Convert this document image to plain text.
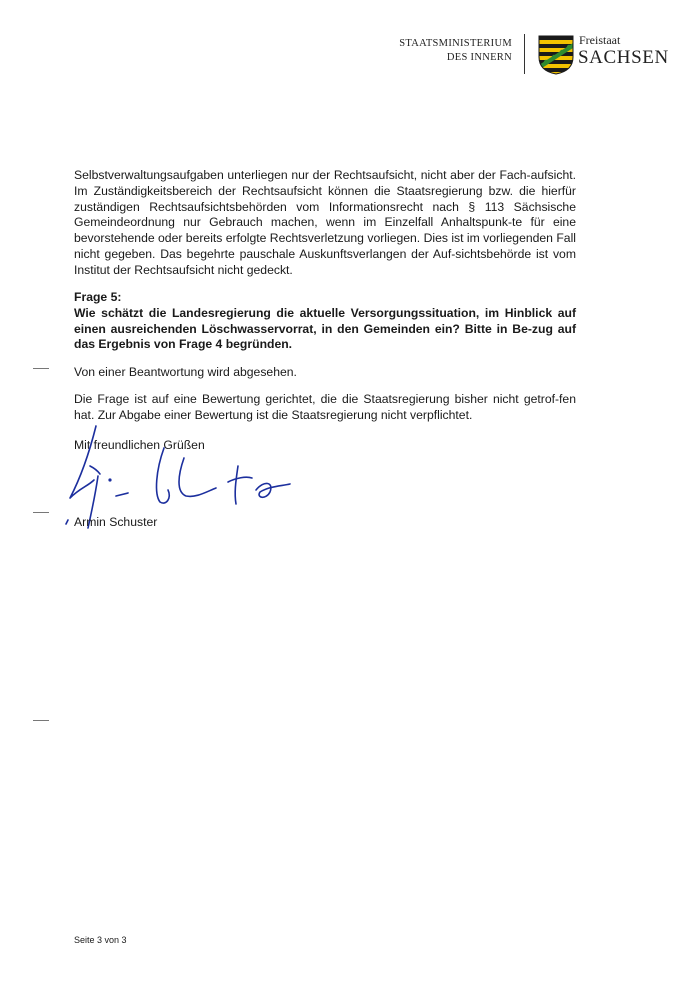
STAATSMINISTERIUM
DES INNERN
Freistaat
SACHSEN

Selbstverwaltungsaufgaben unterliegen nur der Rechtsaufsicht, nicht aber der Fach-aufsicht. Im Zuständigkeitsbereich der Rechtsaufsicht können die Staatsregierung bzw. die hierfür zuständigen Rechtsaufsichtsbehörden vom Informationsrecht nach § 113 Sächsische Gemeindeordnung nur Gebrauch machen, wenn im Einzelfall Anhaltspunk-te für eine bevorstehende oder bereits erfolgte Rechtsverletzung vorliegen. Dies ist im vorliegenden Fall nicht gegeben. Das begehrte pauschale Auskunftsverlangen der Auf-sichtsbehörde ist vom Institut der Rechtsaufsicht nicht gedeckt.

Frage 5:

Wie schätzt die Landesregierung die aktuelle Versorgungssituation, im Hinblick auf einen ausreichenden Löschwasservorrat, in den Gemeinden ein? Bitte in Be-zug auf das Ergebnis von Frage 4 begründen.

Von einer Beantwortung wird abgesehen.

Die Frage ist auf eine Bewertung gerichtet, die die Staatsregierung bisher nicht getrof-fen hat. Zur Abgabe einer Bewertung ist die Staatsregierung nicht verpflichtet.

Mit freundlichen Grüßen
Armin Schuster
Seite 3 von 3
